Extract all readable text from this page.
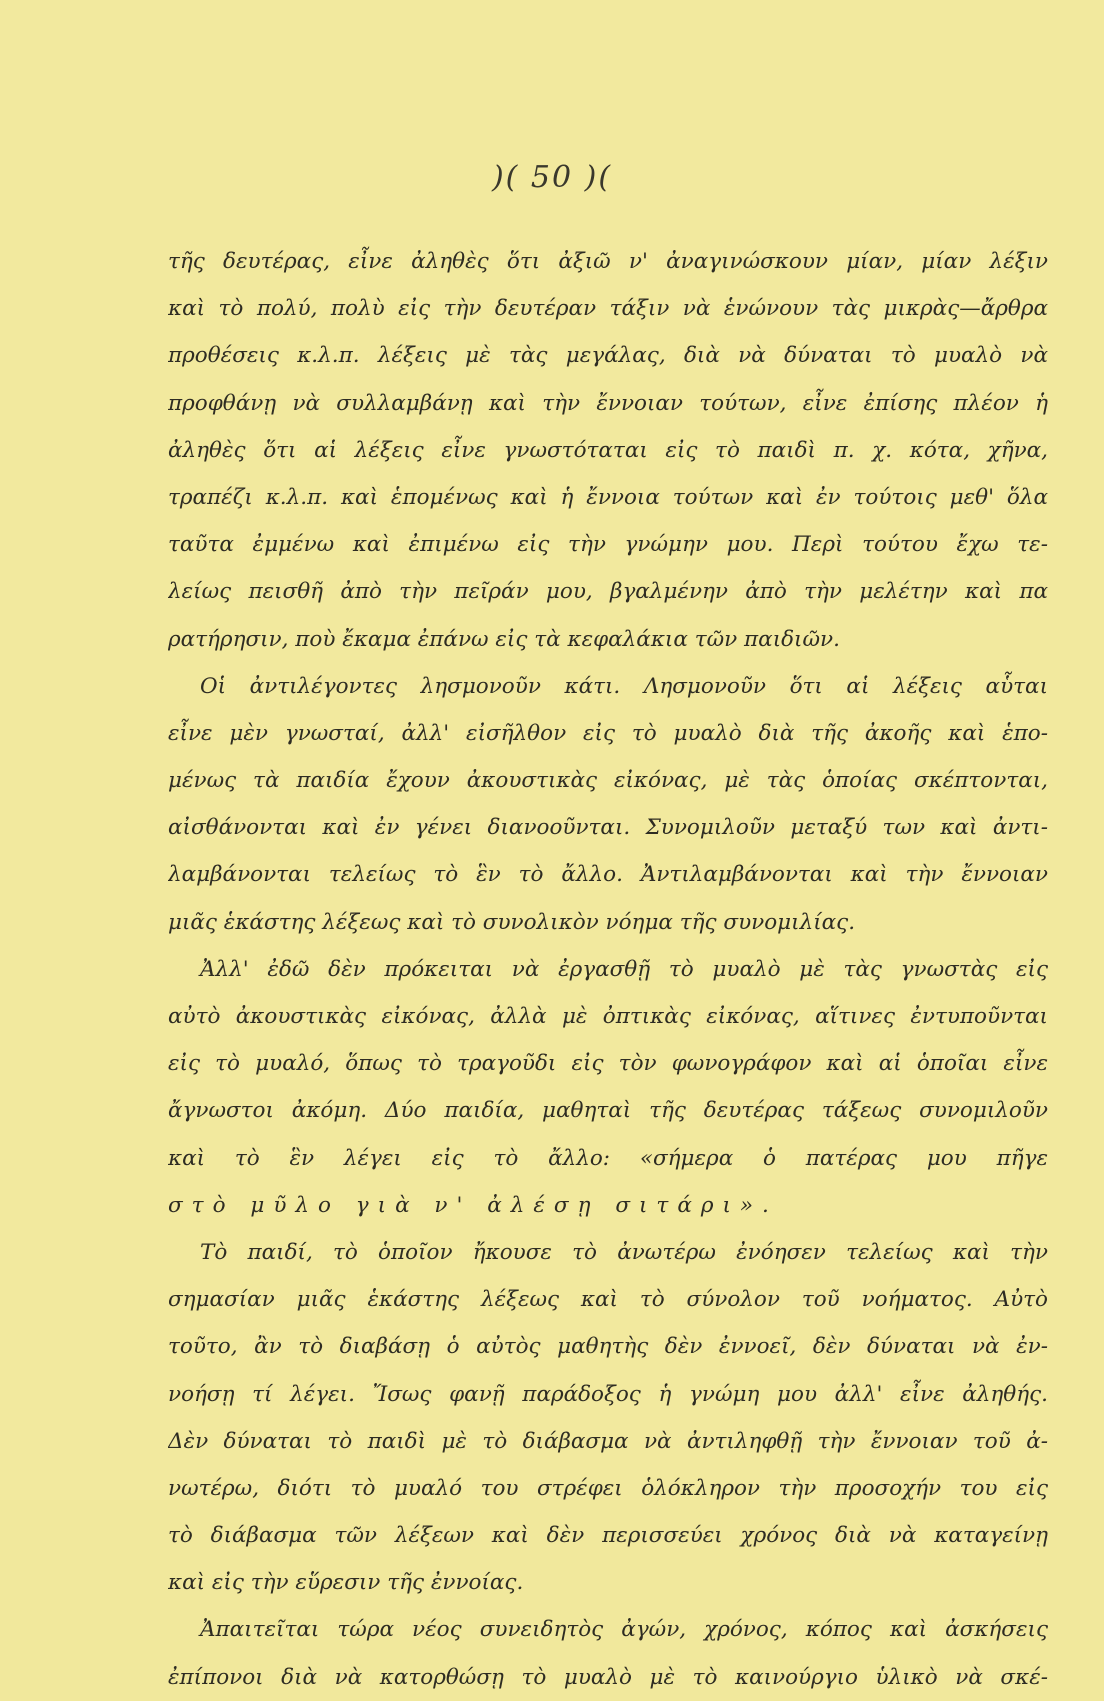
)( 50 )(
τῆς δευτέρας, εἶνε ἀληθὲς ὅτι ἀξιῶ ν' ἀναγινώσκουν μίαν, μίαν λέξιν
καὶ τὸ πολύ, πολὺ εἰς τὴν δευτέραν τάξιν νὰ ἑνώνουν τὰς μικρὰς—ἄρθρα
προθέσεις κ.λ.π. λέξεις μὲ τὰς μεγάλας, διὰ νὰ δύναται τὸ μυαλὸ νὰ
προφθάνῃ νὰ συλλαμβάνῃ καὶ τὴν ἔννοιαν τούτων, εἶνε ἐπίσης πλέον ἡ
ἀληθὲς ὅτι αἱ λέξεις εἶνε γνωστόταται εἰς τὸ παιδὶ π. χ. κότα, χῆνα,
τραπέζι κ.λ.π. καὶ ἑπομένως καὶ ἡ ἔννοια τούτων καὶ ἐν τούτοις μεθ' ὅλα
ταῦτα ἐμμένω καὶ ἐπιμένω εἰς τὴν γνώμην μου. Περὶ τούτου ἔχω τε-
λείως πεισθῆ ἀπὸ τὴν πεῖράν μου, βγαλμένην ἀπὸ τὴν μελέτην καὶ πα
ρατήρησιν, ποὺ ἔκαμα ἐπάνω εἰς τὰ κεφαλάκια τῶν παιδιῶν.
Οἱ ἀντιλέγοντες λησμονοῦν κάτι. Λησμονοῦν ὅτι αἱ λέξεις αὗται
εἶνε μὲν γνωσταί, ἀλλ' εἰσῆλθον εἰς τὸ μυαλὸ διὰ τῆς ἀκοῆς καὶ ἑπο-
μένως τὰ παιδία ἔχουν ἀκουστικὰς εἰκόνας, μὲ τὰς ὁποίας σκέπτονται,
αἰσθάνονται καὶ ἐν γένει διανοοῦνται. Συνομιλοῦν μεταξύ των καὶ ἀντι-
λαμβάνονται τελείως τὸ ἓν τὸ ἄλλο. Ἀντιλαμβάνονται καὶ τὴν ἔννοιαν
μιᾶς ἑκάστης λέξεως καὶ τὸ συνολικὸν νόημα τῆς συνομιλίας.
Ἀλλ' ἐδῶ δὲν πρόκειται νὰ ἐργασθῇ τὸ μυαλὸ μὲ τὰς γνωστὰς εἰς
αὐτὸ ἀκουστικὰς εἰκόνας, ἀλλὰ μὲ ὀπτικὰς εἰκόνας, αἵτινες ἐντυποῦνται
εἰς τὸ μυαλό, ὅπως τὸ τραγοῦδι εἰς τὸν φωνογράφον καὶ αἱ ὁποῖαι εἶνε
ἄγνωστοι ἀκόμη. Δύο παιδία, μαθηταὶ τῆς δευτέρας τάξεως συνομιλοῦν
καὶ τὸ ἓν λέγει εἰς τὸ ἄλλο: «σήμερα ὁ πατέρας μου πῆγε
στὸ μῦλο γιὰ ν' ἀλέσῃ σιτάρι».
Τὸ παιδί, τὸ ὁποῖον ἤκουσε τὸ ἀνωτέρω ἐνόησεν τελείως καὶ τὴν
σημασίαν μιᾶς ἑκάστης λέξεως καὶ τὸ σύνολον τοῦ νοήματος. Αὐτὸ
τοῦτο, ἂν τὸ διαβάσῃ ὁ αὐτὸς μαθητὴς δὲν ἐννοεῖ, δὲν δύναται νὰ ἐν-
νοήσῃ τί λέγει. Ἴσως φανῇ παράδοξος ἡ γνώμη μου ἀλλ' εἶνε ἀληθής.
Δὲν δύναται τὸ παιδὶ μὲ τὸ διάβασμα νὰ ἀντιληφθῇ τὴν ἔννοιαν τοῦ ἀ-
νωτέρω, διότι τὸ μυαλό του στρέφει ὁλόκληρον τὴν προσοχήν του εἰς
τὸ διάβασμα τῶν λέξεων καὶ δὲν περισσεύει χρόνος διὰ νὰ καταγείνῃ
καὶ εἰς τὴν εὕρεσιν τῆς ἐννοίας.
Ἀπαιτεῖται τώρα νέος συνειδητὸς ἀγών, χρόνος, κόπος καὶ ἀσκήσεις
ἐπίπονοι διὰ νὰ κατορθώσῃ τὸ μυαλὸ μὲ τὸ καινούργιο ὑλικὸ νὰ σκέ-
